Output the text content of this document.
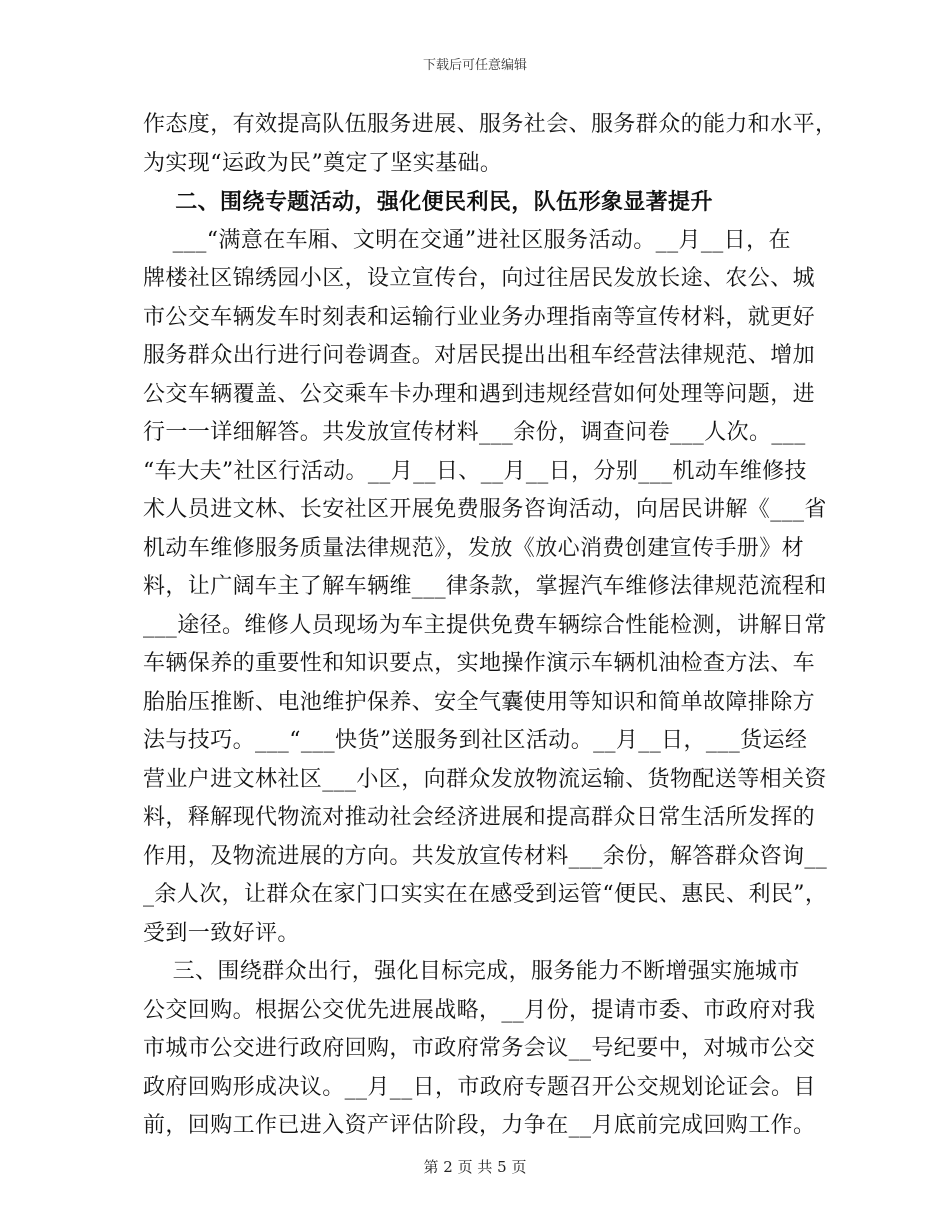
下载后可任意编辑
作态度，有效提高队伍服务进展、服务社会、服务群众的能力和水平，
为实现“运政为民”奠定了坚实基础。
二、围绕专题活动，强化便民利民，队伍形象显著提升
___“满意在车厢、文明在交通”进社区服务活动。__月__日，在
牌楼社区锦绣园小区，设立宣传台，向过往居民发放长途、农公、城
市公交车辆发车时刻表和运输行业业务办理指南等宣传材料，就更好
服务群众出行进行问卷调查。对居民提出出租车经营法律规范、增加
公交车辆覆盖、公交乘车卡办理和遇到违规经营如何处理等问题，进
行一一详细解答。共发放宣传材料___余份，调查问卷___人次。___
“车大夫”社区行活动。__月__日、__月__日，分别___机动车维修技
术人员进文林、长安社区开展免费服务咨询活动，向居民讲解《___省
机动车维修服务质量法律规范》，发放《放心消费创建宣传手册》材
料，让广阔车主了解车辆维___律条款，掌握汽车维修法律规范流程和
___途径。维修人员现场为车主提供免费车辆综合性能检测，讲解日常
车辆保养的重要性和知识要点，实地操作演示车辆机油检查方法、车
胎胎压推断、电池维护保养、安全气囊使用等知识和简单故障排除方
法与技巧。___“___快货”送服务到社区活动。__月__日，___货运经
营业户进文林社区___小区，向群众发放物流运输、货物配送等相关资
料，释解现代物流对推动社会经济进展和提高群众日常生活所发挥的
作用，及物流进展的方向。共发放宣传材料___余份，解答群众咨询__
_余人次，让群众在家门口实实在在感受到运管“便民、惠民、利民”，
受到一致好评。
三、围绕群众出行，强化目标完成，服务能力不断增强实施城市
公交回购。根据公交优先进展战略，__月份，提请市委、市政府对我
市城市公交进行政府回购，市政府常务会议__号纪要中，对城市公交
政府回购形成决议。__月__日，市政府专题召开公交规划论证会。目
前，回购工作已进入资产评估阶段，力争在__月底前完成回购工作。
第 2 页 共 5 页
